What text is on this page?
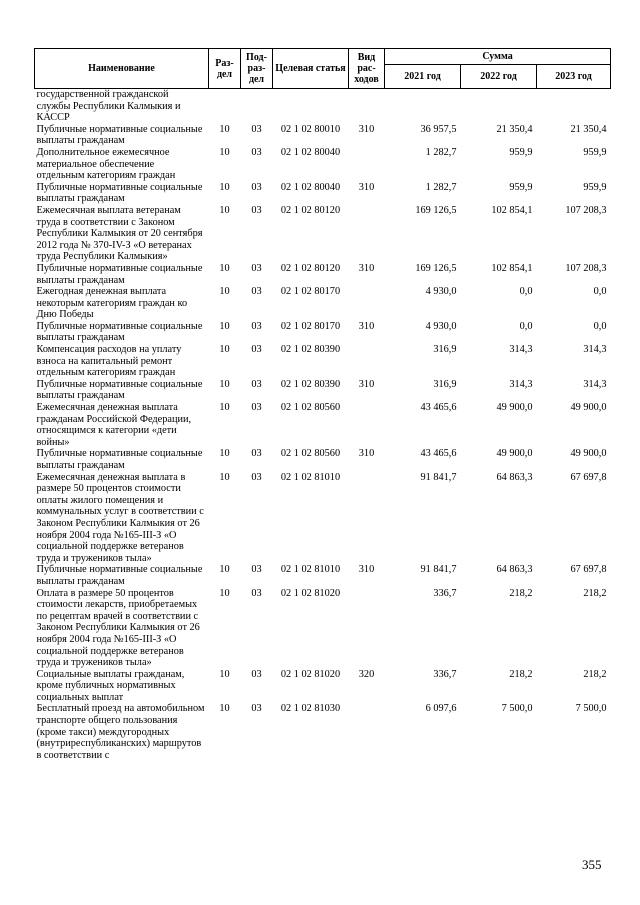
Наименование	Раз- дел	Под- раз- дел	Целевая статья	Вид рас- ходов	Сумма		
					2021 год	2022 год	2023 год
государственной гражданской службы Республики Калмыкия и КАССР							
Публичные нормативные социальные выплаты гражданам	10	03	02 1 02 80010	310	36 957,5	21 350,4	21 350,4
Дополнительное ежемесячное материальное обеспечение отдельным категориям граждан	10	03	02 1 02 80040		1 282,7	959,9	959,9
Публичные нормативные социальные выплаты гражданам	10	03	02 1 02 80040	310	1 282,7	959,9	959,9
Ежемесячная выплата ветеранам труда в соответствии с Законом Республики Калмыкия от 20 сентября 2012 года № 370-IV-З «О ветеранах труда Республики Калмыкия»	10	03	02 1 02 80120		169 126,5	102 854,1	107 208,3
Публичные нормативные социальные выплаты гражданам	10	03	02 1 02 80120	310	169 126,5	102 854,1	107 208,3
Ежегодная денежная выплата некоторым категориям граждан ко Дню Победы	10	03	02 1 02 80170		4 930,0	0,0	0,0
Публичные нормативные социальные выплаты гражданам	10	03	02 1 02 80170	310	4 930,0	0,0	0,0
Компенсация расходов на уплату взноса на капитальный ремонт отдельным категориям граждан	10	03	02 1 02 80390		316,9	314,3	314,3
Публичные нормативные социальные выплаты гражданам	10	03	02 1 02 80390	310	316,9	314,3	314,3
Ежемесячная денежная выплата гражданам Российской Федерации, относящимся к категории «дети войны»	10	03	02 1 02 80560		43 465,6	49 900,0	49 900,0
Публичные нормативные социальные выплаты гражданам	10	03	02 1 02 80560	310	43 465,6	49 900,0	49 900,0
Ежемесячная денежная выплата в размере 50 процентов стоимости оплаты жилого помещения и коммунальных услуг в соответствии с Законом Республики Калмыкия от 26 ноября 2004 года №165-III-З «О социальной поддержке ветеранов труда и тружеников тыла»	10	03	02 1 02 81010		91 841,7	64 863,3	67 697,8
Публичные нормативные социальные выплаты гражданам	10	03	02 1 02 81010	310	91 841,7	64 863,3	67 697,8
Оплата в размере 50 процентов стоимости лекарств, приобретаемых по рецептам врачей в соответствии с Законом Республики Калмыкия от 26 ноября 2004 года №165-III-З «О социальной поддержке ветеранов труда и тружеников тыла»	10	03	02 1 02 81020		336,7	218,2	218,2
Социальные выплаты гражданам, кроме публичных нормативных социальных выплат	10	03	02 1 02 81020	320	336,7	218,2	218,2
Бесплатный проезд на автомобильном транспорте общего пользования (кроме такси) междугородных (внутриреспубликанских) маршрутов в соответствии с	10	03	02 1 02 81030		6 097,6	7 500,0	7 500,0
355
